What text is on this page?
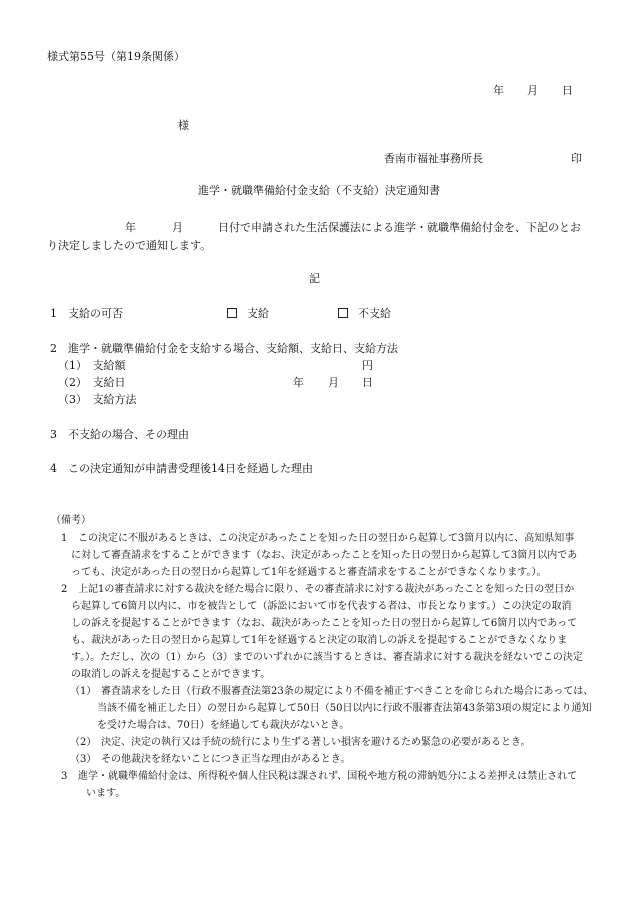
様式第55号（第19条関係）
年 月 日
様
香南市福祉事務所長	印
進学・就職準備給付金支給（不支給）決定通知書
年	月	日付で申請された生活保護法による進学・就職準備給付金を、下記のとお
り決定しましたので通知します。
記
1　支給の可否	支給	不支給
2　進学・就職準備給付金を支給する場合、支給額、支給日、支給方法
（1）　支給額	円
（2）　支給日	年 月 日
（3）　支給方法
3　不支給の場合、その理由
4　この決定通知が申請書受理後14日を経過した理由
（備考）
1 この決定に不服があるときは、この決定があったことを知った日の翌日から起算して3箇月以内に、高知県知事
に対して審査請求をすることができます（なお、決定があったことを知った日の翌日から起算して3箇月以内であ
っても、決定があった日の翌日から起算して1年を経過すると審査請求をすることができなくなります。）。
2 上記1の審査請求に対する裁決を経た場合に限り、その審査請求に対する裁決があったことを知った日の翌日か
ら起算して6箇月以内に、市を被告として（訴訟において市を代表する者は、市長となります。）この決定の取消
しの訴えを提起することができます（なお、裁決があったことを知った日の翌日から起算して6箇月以内であって
も、裁決があった日の翌日から起算して1年を経過すると決定の取消しの訴えを提起することができなくなりま
す。）。ただし、次の（1）から（3）までのいずれかに該当するときは、審査請求に対する裁決を経ないでこの決定
の取消しの訴えを提起することができます。
（1） 審査請求をした日（行政不服審査法第23条の規定により不備を補正すべきことを命じられた場合にあっては、
当該不備を補正した日）の翌日から起算して50日（50日以内に行政不服審査法第43条第3項の規定により通知
を受けた場合は、70日）を経過しても裁決がないとき。
（2） 決定、決定の執行又は手続の続行により生ずる著しい損害を避けるため緊急の必要があるとき。
（3） その他裁決を経ないことにつき正当な理由があるとき。
3 進学・就職準備給付金は、所得税や個人住民税は課されず、国税や地方税の滞納処分による差押えは禁止されて
います。
